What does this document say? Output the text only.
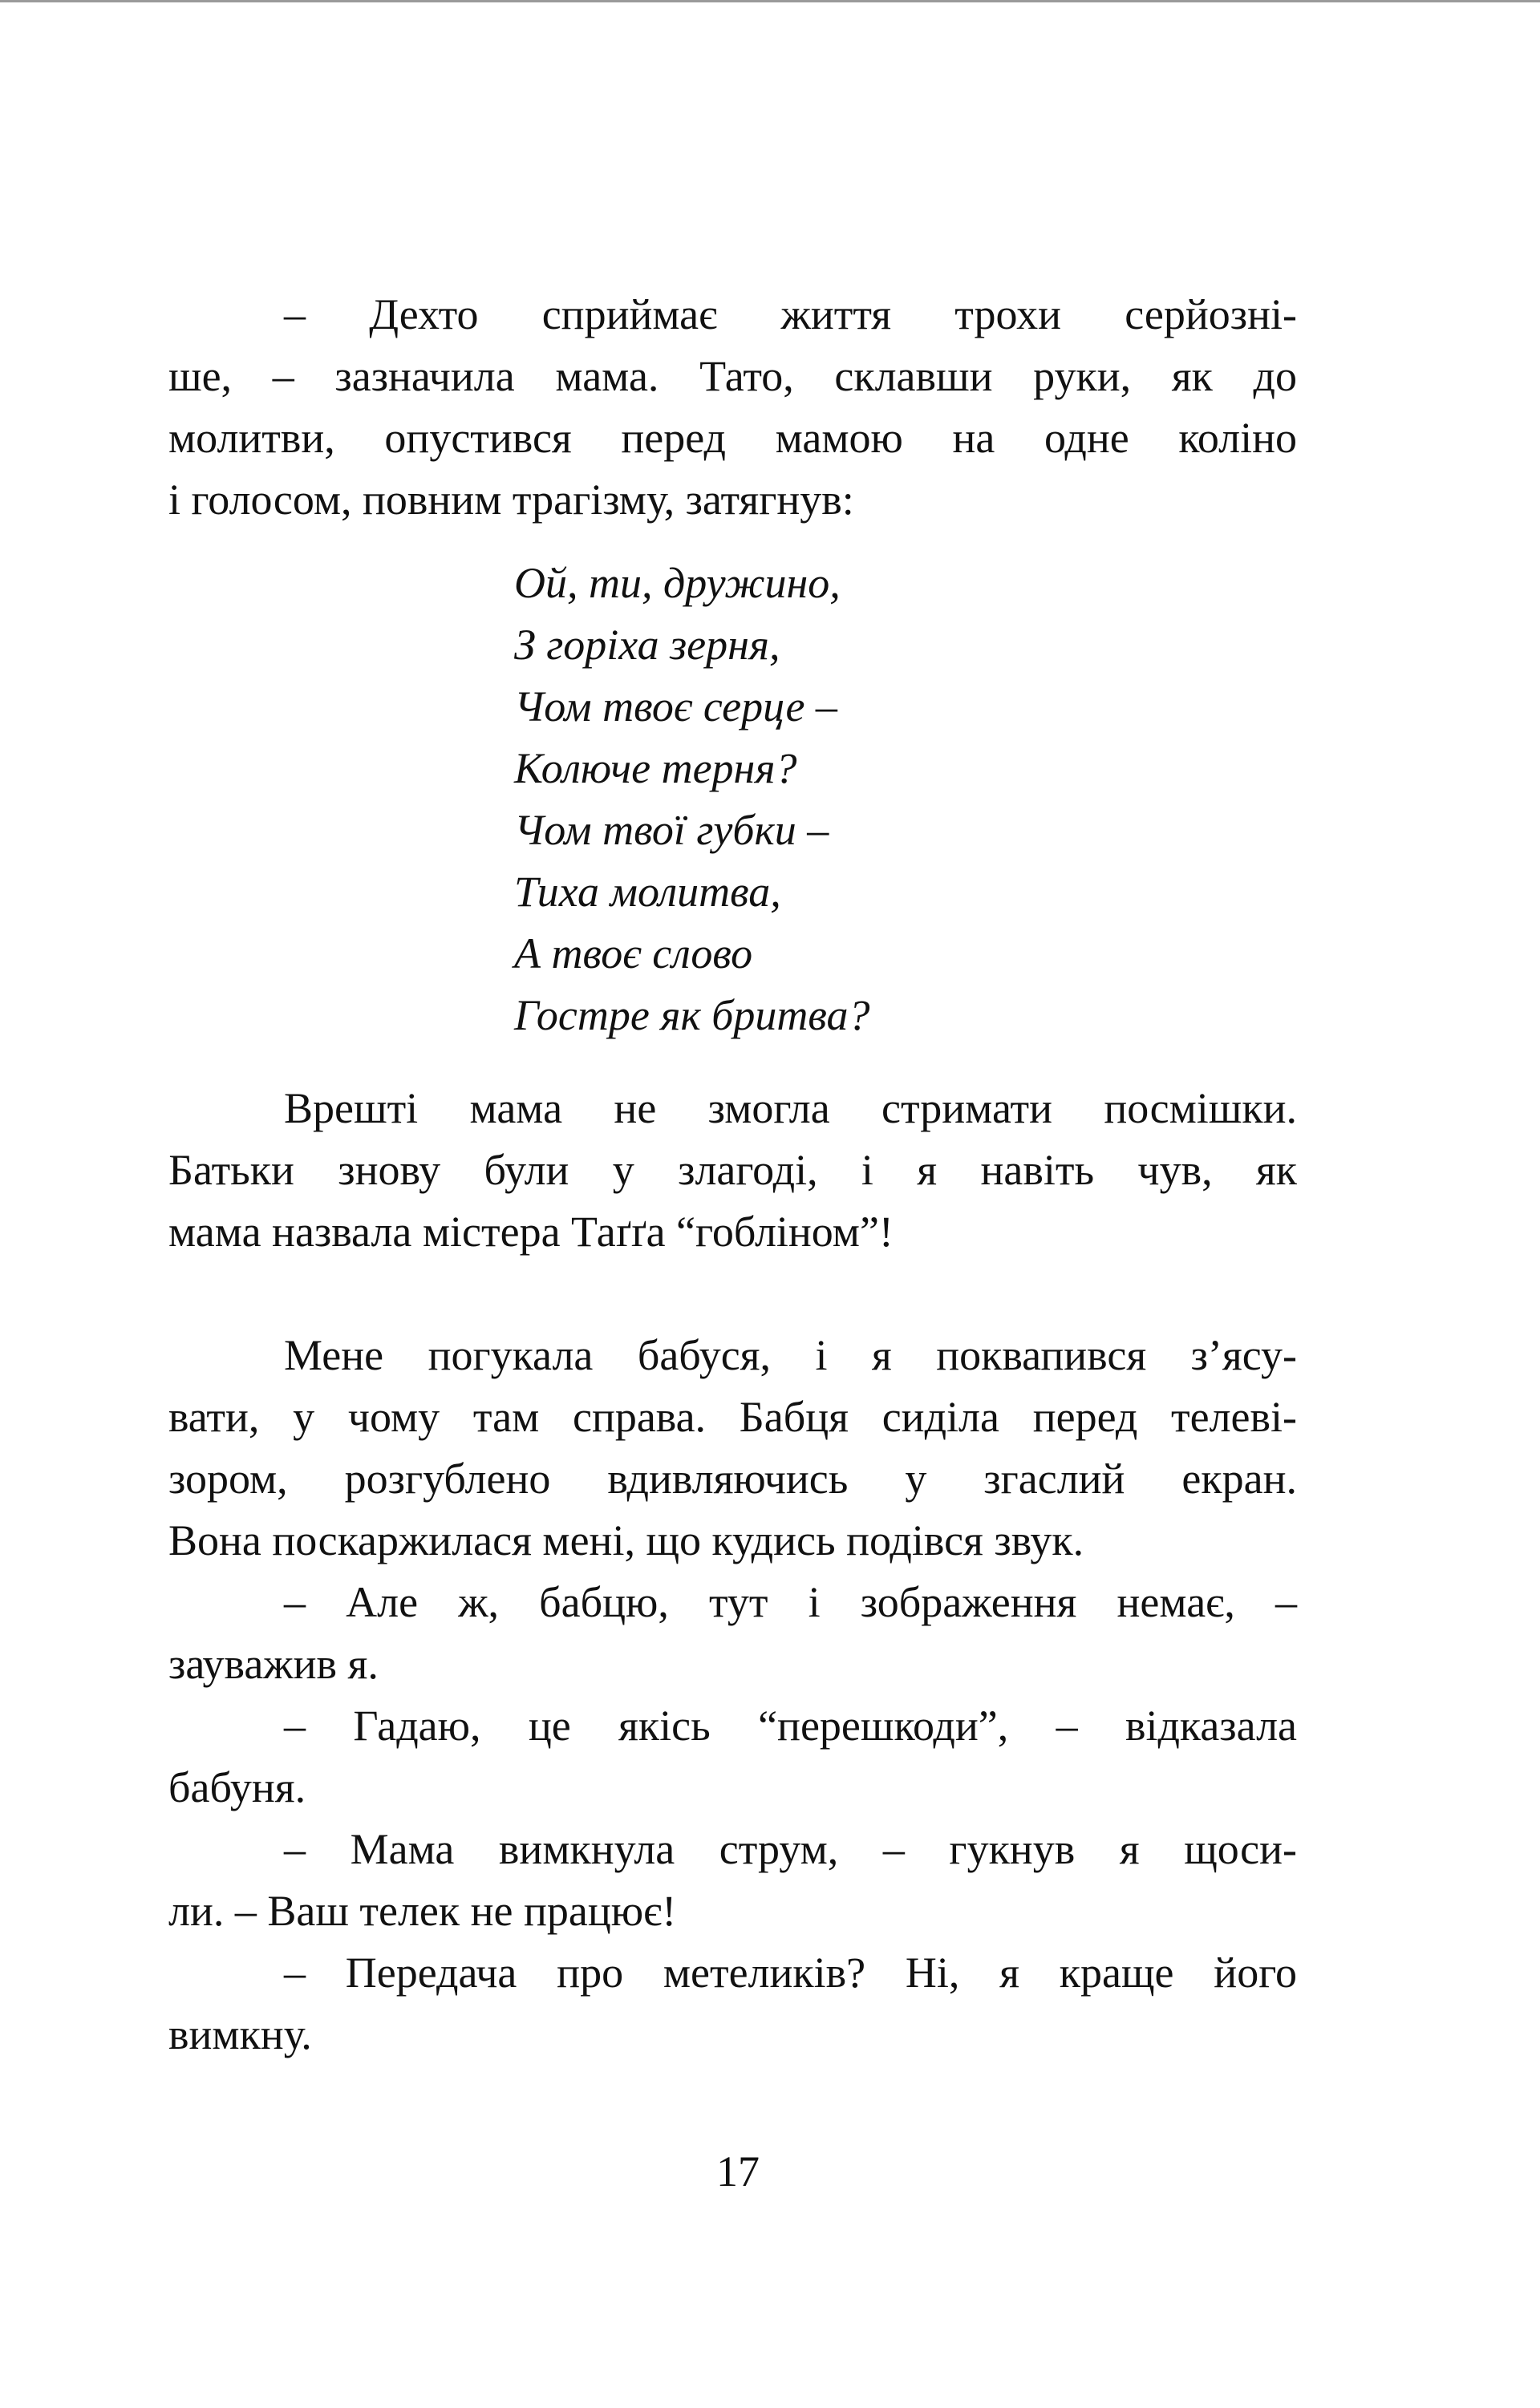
– Дехто сприймає життя трохи серйозні-
ше, – зазначила мама. Тато, склавши руки, як до
молитви, опустився перед мамою на одне коліно
і голосом, повним трагізму, затягнув:
Ой, ти, дружино,
З горіха зерня,
Чом твоє серце –
Колюче терня?
Чом твої губки –
Тиха молитва,
А твоє слово
Гостре як бритва?
Врешті мама не змогла стримати посмішки.
Батьки знову були у злагоді, і я навіть чув, як
мама назвала містера Таґґа “гобліном”!
Мене погукала бабуся, і я поквапився з’ясу-
вати, у чому там справа. Бабця сиділа перед телеві-
зором, розгублено вдивляючись у згаслий екран.
Вона поскаржилася мені, що кудись подівся звук.
– Але ж, бабцю, тут і зображення немає, –
зауважив я.
– Гадаю, це якісь “перешкоди”, – відказала
бабуня.
– Мама вимкнула струм, – гукнув я щоси-
ли. – Ваш телек не працює!
– Передача про метеликів? Ні, я краще його
вимкну.
17
